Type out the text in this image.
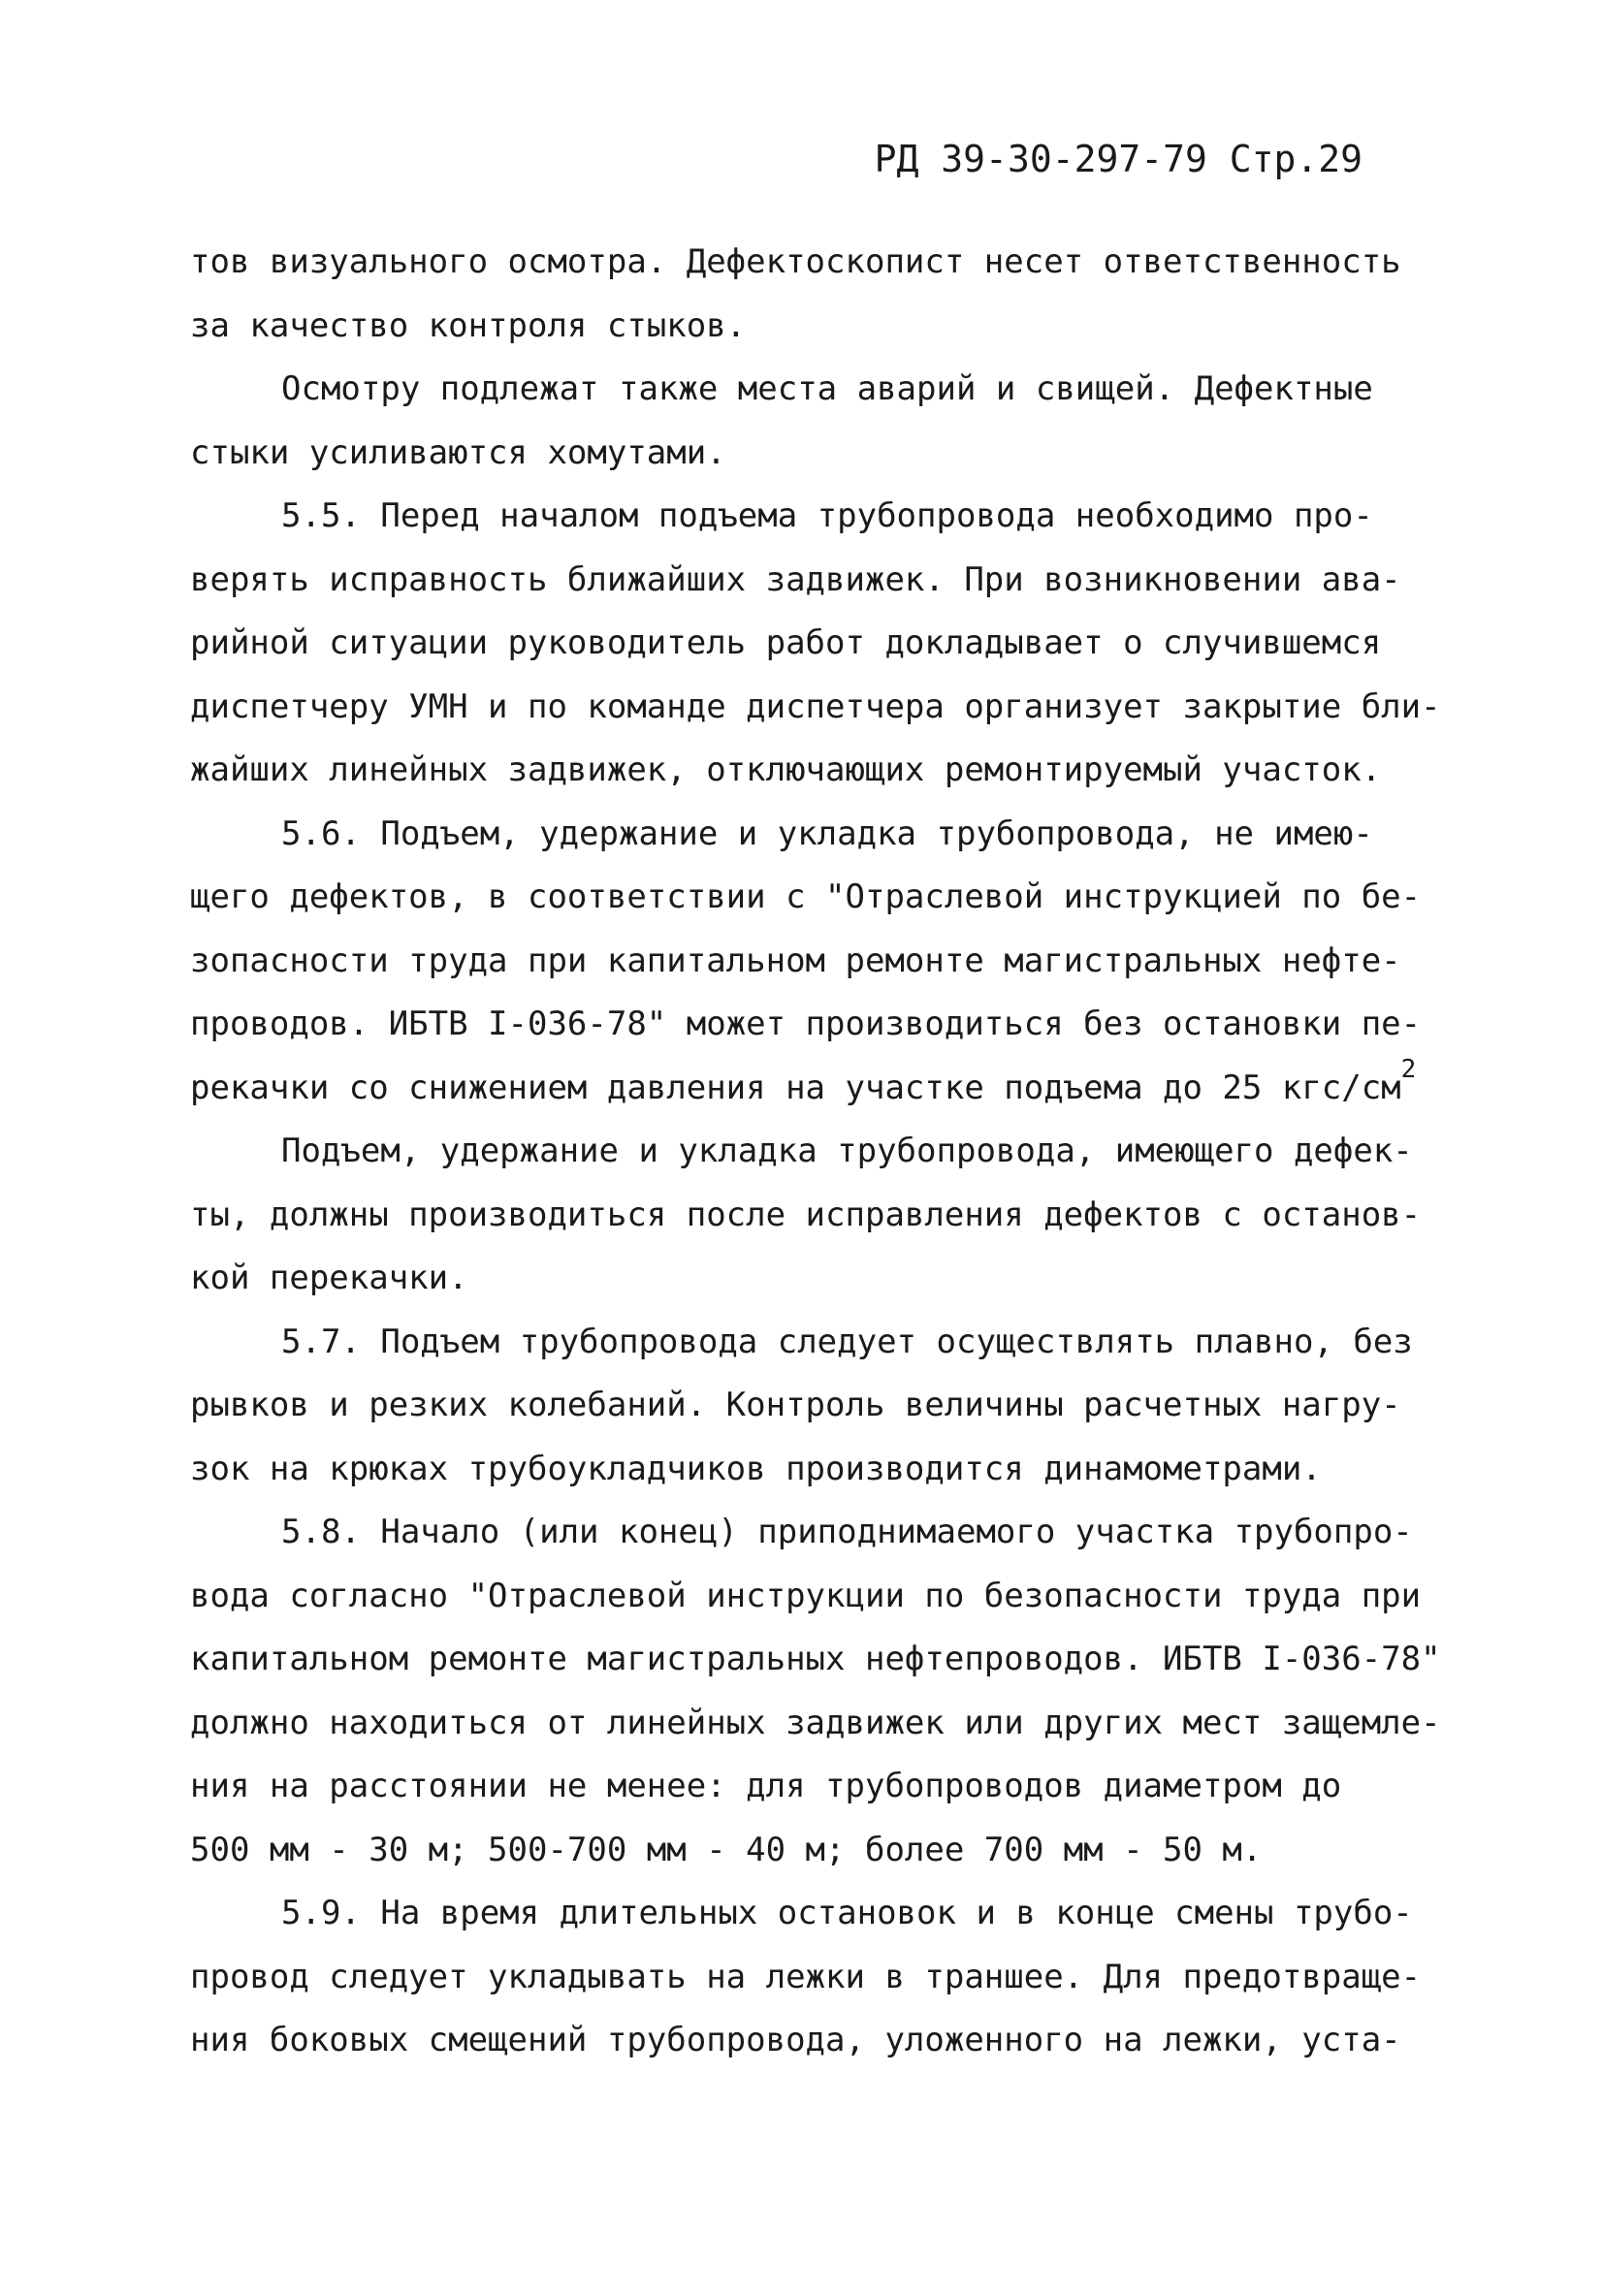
РД 39-30-297-79 Стр.29
тов визуального осмотра. Дефектоскопист несет ответственность
за качество контроля стыков.
Осмотру подлежат также места аварий и свищей. Дефектные
стыки усиливаются хомутами.
5.5. Перед началом подъема трубопровода необходимо про-
верять исправность ближайших задвижек. При возникновении ава-
рийной ситуации руководитель работ докладывает о случившемся
диспетчеру УМН и по команде диспетчера организует закрытие бли-
жайших линейных задвижек, отключающих ремонтируемый участок.
5.6. Подъем, удержание и укладка трубопровода, не имею-
щего дефектов, в соответствии с "Отраслевой инструкцией по бе-
зопасности труда при капитальном ремонте магистральных нефте-
проводов. ИБТВ I-036-78" может производиться без остановки пе-
рекачки со снижением давления на участке подъема до 25 кгс/$см^2$
Подъем, удержание и укладка трубопровода, имеющего дефек-
ты, должны производиться после исправления дефектов с останов-
кой перекачки.
5.7. Подъем трубопровода следует осуществлять плавно, без
рывков и резких колебаний. Контроль величины расчетных нагру-
зок на крюках трубоукладчиков производится динамометрами.
5.8. Начало (или конец) приподнимаемого участка трубопро-
вода согласно "Отраслевой инструкции по безопасности труда при
капитальном ремонте магистральных нефтепроводов. ИБТВ I-036-78"
должно находиться от линейных задвижек или других мест защемле-
ния на расстоянии не менее: для трубопроводов диаметром до
500 мм - 30 м; 500-700 мм - 40 м; более 700 мм - 50 м.
5.9. На время длительных остановок и в конце смены трубо-
провод следует укладывать на лежки в траншее. Для предотвраще-
ния боковых смещений трубопровода, уложенного на лежки, уста-
